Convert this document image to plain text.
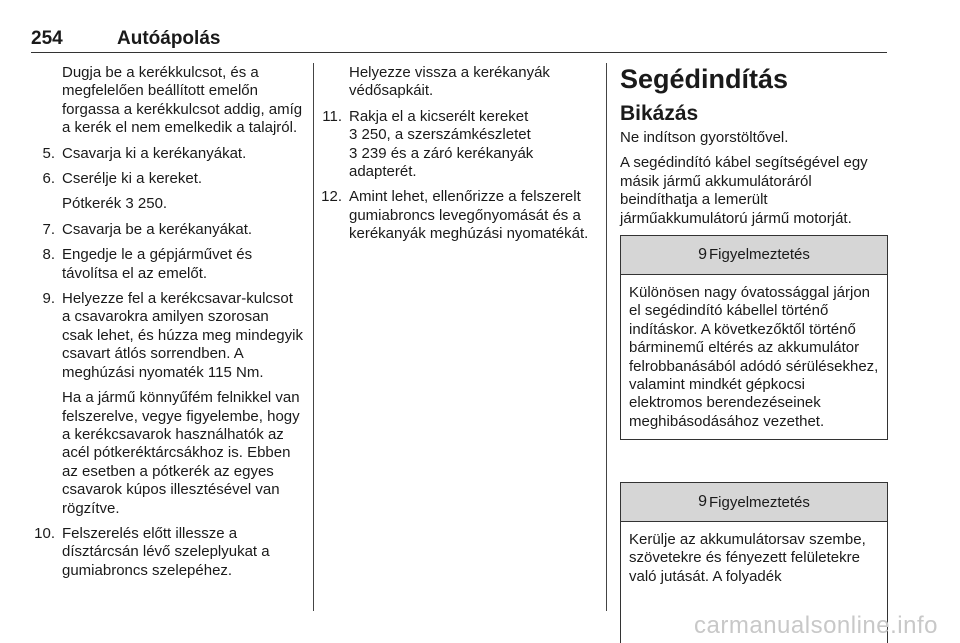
254	Autóápolás

Dugja be a kerékkulcsot, és a megfelelően beállított emelőn forgassa a kerékkulcsot addig, amíg a kerék el nem emelkedik a talajról.

5. Csavarja ki a kerékanyákat.
6. Cserélje ki a kereket.

Pótkerék 3 250.

7. Csavarja be a kerékanyákat.
8. Engedje le a gépjárművet és távolítsa el az emelőt.
9. Helyezze fel a kerékcsavar-kulcsot a csavarokra amilyen szorosan csak lehet, és húzza meg mindegyik csavart átlós sorrendben. A meghúzási nyomaték 115 Nm.

Ha a jármű könnyűfém felnikkel van felszerelve, vegye figyelembe, hogy a kerékcsavarok használhatók az acél pótkeréktárcsákhoz is. Ebben az esetben a pótkerék az egyes csavarok kúpos illesztésével van rögzítve.

10. Felszerelés előtt illessze a dísztárcsán lévő szeleplyukat a gumiabroncs szelepéhez.

Helyezze vissza a kerékanyák védősapkáit.

11. Rakja el a kicserélt kereket
3 250, a szerszámkészletet
3 239 és a záró kerékanyák adapterét.
12. Amint lehet, ellenőrizze a felszerelt gumiabroncs levegőnyomását és a kerékanyák meghúzási nyomatékát.
Segédindítás
Bikázás

Ne indítson gyorstöltővel.

A segédindító kábel segítségével egy másik jármű akkumulátoráról beindíthatja a lemerült járműakkumulátorú jármű motorját.

9 Figyelmeztetés
Különösen nagy óvatossággal járjon el segédindító kábellel történő indításkor. A következőktől történő bárminemű eltérés az akkumulátor felrobbanásából adódó sérülésekhez, valamint mindkét gépkocsi elektromos berendezéseinek meghibásodásához vezethet.
9 Figyelmeztetés
Kerülje az akkumulátorsav szembe, szövetekre és fényezett felületekre való jutását. A folyadék
carmanualsonline.info
